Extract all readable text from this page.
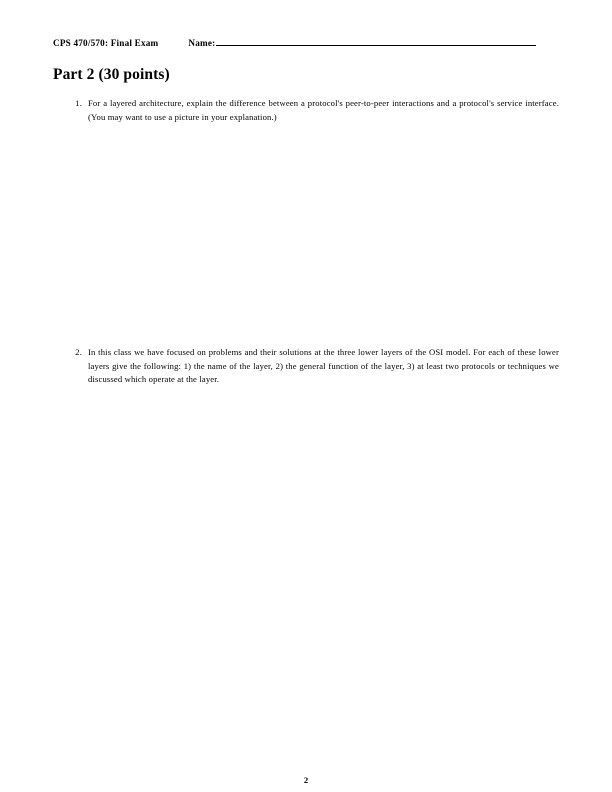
CPS 470/570: Final Exam	Name:
Part 2 (30 points)
1. For a layered architecture, explain the difference between a protocol's peer-to-peer interactions and a protocol's service interface. (You may want to use a picture in your explanation.)
2. In this class we have focused on problems and their solutions at the three lower layers of the OSI model. For each of these lower layers give the following: 1) the name of the layer, 2) the general function of the layer, 3) at least two protocols or techniques we discussed which operate at the layer.
2
